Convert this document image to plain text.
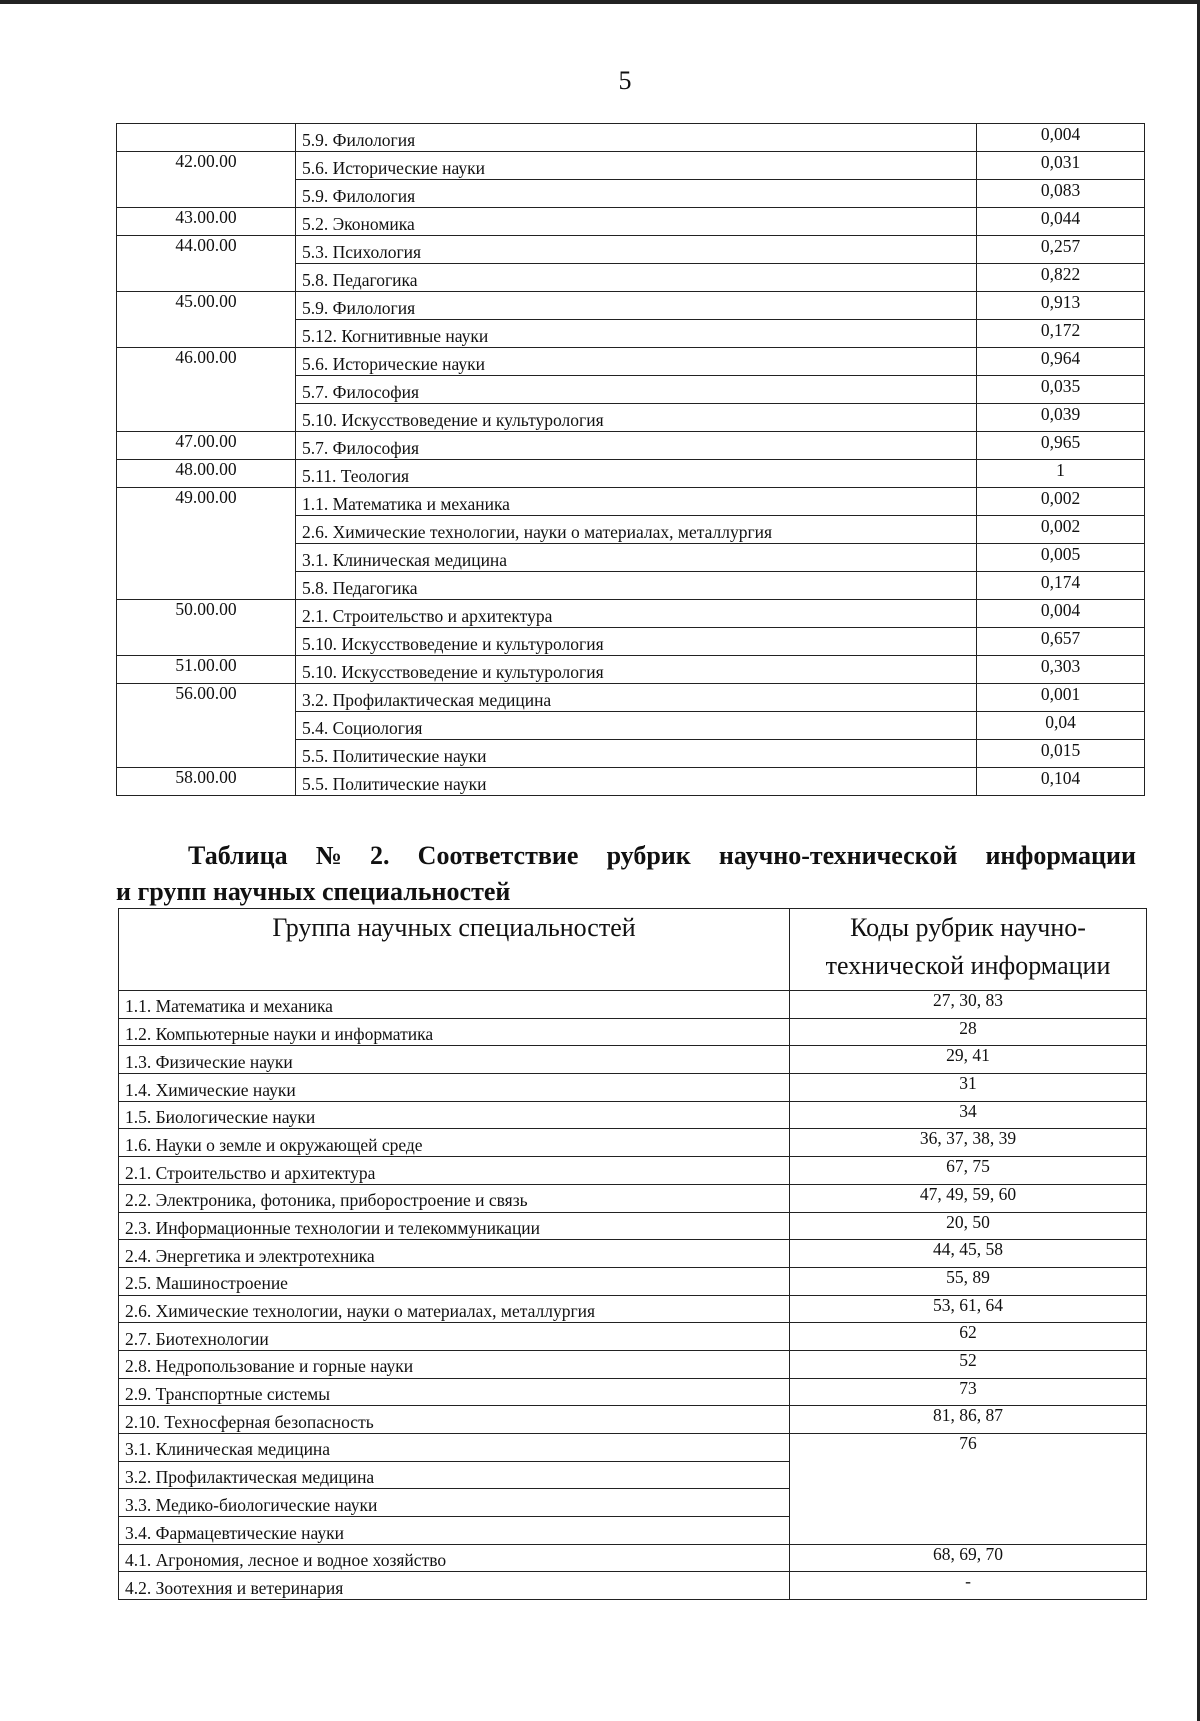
5
	5.9. Филология	0,004
42.00.00	5.6. Исторические науки	0,031
	5.9. Филология	0,083
43.00.00	5.2. Экономика	0,044
44.00.00	5.3. Психология	0,257
	5.8. Педагогика	0,822
45.00.00	5.9. Филология	0,913
	5.12. Когнитивные науки	0,172
46.00.00	5.6. Исторические науки	0,964
	5.7. Философия	0,035
	5.10. Искусствоведение и культурология	0,039
47.00.00	5.7. Философия	0,965
48.00.00	5.11. Теология	1
49.00.00	1.1. Математика и механика	0,002
	2.6. Химические технологии, науки о материалах, металлургия	0,002
	3.1. Клиническая медицина	0,005
	5.8. Педагогика	0,174
50.00.00	2.1. Строительство и архитектура	0,004
	5.10. Искусствоведение и культурология	0,657
51.00.00	5.10. Искусствоведение и культурология	0,303
56.00.00	3.2. Профилактическая медицина	0,001
	5.4. Социология	0,04
	5.5. Политические науки	0,015
58.00.00	5.5. Политические науки	0,104
Таблица № 2. Соответствие рубрик научно-технической информации
и групп научных специальностей
Группа научных специальностей	Коды рубрик научно-
технической информации
1.1. Математика и механика	27, 30, 83
1.2. Компьютерные науки и информатика	28
1.3. Физические науки	29, 41
1.4. Химические науки	31
1.5. Биологические науки	34
1.6. Науки о земле и окружающей среде	36, 37, 38, 39
2.1. Строительство и архитектура	67, 75
2.2. Электроника, фотоника, приборостроение и связь	47, 49, 59, 60
2.3. Информационные технологии и телекоммуникации	20, 50
2.4. Энергетика и электротехника	44, 45, 58
2.5. Машиностроение	55, 89
2.6. Химические технологии, науки о материалах, металлургия	53, 61, 64
2.7. Биотехнологии	62
2.8. Недропользование и горные науки	52
2.9. Транспортные системы	73
2.10. Техносферная безопасность	81, 86, 87
3.1. Клиническая медицина	76
3.2. Профилактическая медицина	
3.3. Медико-биологические науки	
3.4. Фармацевтические науки	
4.1. Агрономия, лесное и водное хозяйство	68, 69, 70
4.2. Зоотехния и ветеринария	-
